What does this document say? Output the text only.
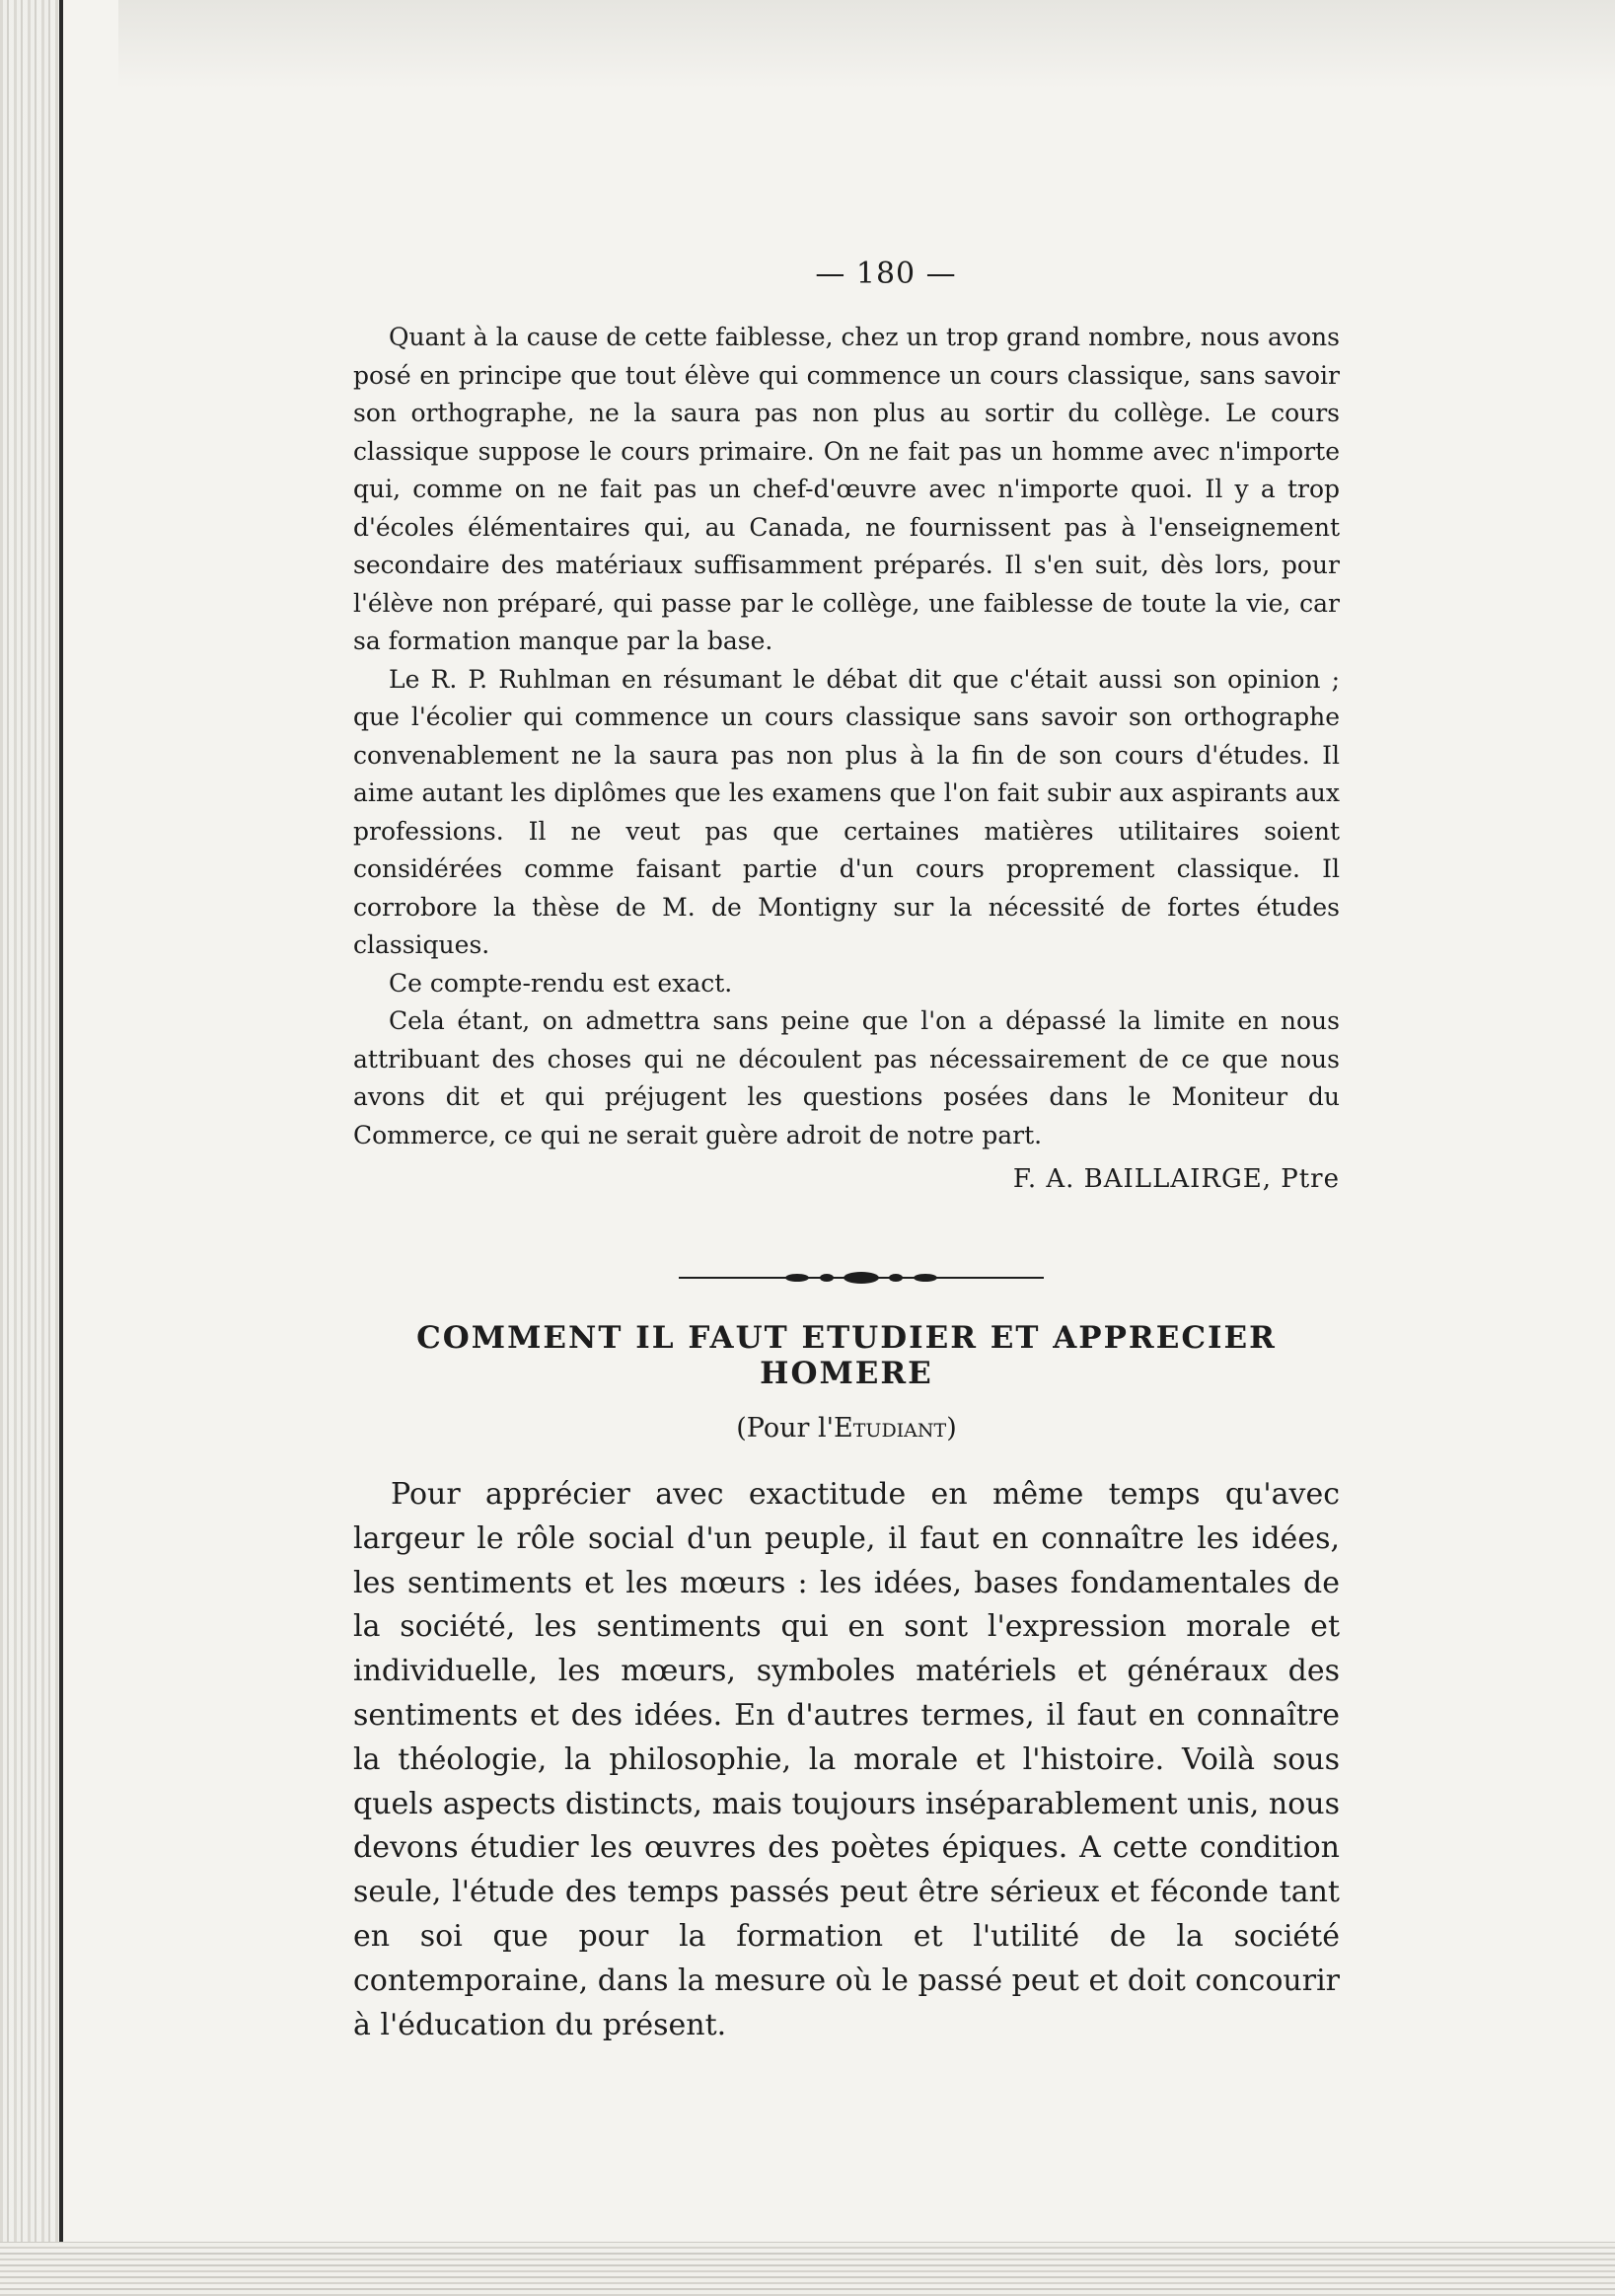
— 180 —

Quant à la cause de cette faiblesse, chez un trop grand nombre, nous avons posé en principe que tout élève qui commence un cours classique, sans savoir son orthographe, ne la saura pas non plus au sortir du collège. Le cours classique suppose le cours primaire. On ne fait pas un homme avec n'importe qui, comme on ne fait pas un chef-d'œuvre avec n'importe quoi. Il y a trop d'écoles élémentaires qui, au Canada, ne fournissent pas à l'enseignement secondaire des matériaux suffisamment préparés. Il s'en suit, dès lors, pour l'élève non préparé, qui passe par le collège, une faiblesse de toute la vie, car sa formation manque par la base.

Le R. P. Ruhlman en résumant le débat dit que c'était aussi son opinion ; que l'écolier qui commence un cours classique sans savoir son orthographe convenablement ne la saura pas non plus à la fin de son cours d'études. Il aime autant les diplômes que les examens que l'on fait subir aux aspirants aux professions. Il ne veut pas que certaines matières utilitaires soient considérées comme faisant partie d'un cours proprement classique. Il corrobore la thèse de M. de Montigny sur la nécessité de fortes études classiques.

Ce compte-rendu est exact.

Cela étant, on admettra sans peine que l'on a dépassé la limite en nous attribuant des choses qui ne découlent pas nécessairement de ce que nous avons dit et qui préjugent les questions posées dans le Moniteur du Commerce, ce qui ne serait guère adroit de notre part.

F. A. BAILLAIRGE, Ptre
COMMENT IL FAUT ETUDIER ET APPRECIER HOMERE
(Pour l'Etudiant)

Pour apprécier avec exactitude en même temps qu'avec largeur le rôle social d'un peuple, il faut en connaître les idées, les sentiments et les mœurs : les idées, bases fondamentales de la société, les sentiments qui en sont l'expression morale et individuelle, les mœurs, symboles matériels et généraux des sentiments et des idées. En d'autres termes, il faut en connaître la théologie, la philosophie, la morale et l'histoire. Voilà sous quels aspects distincts, mais toujours inséparablement unis, nous devons étudier les œuvres des poètes épiques. A cette condition seule, l'étude des temps passés peut être sérieux et féconde tant en soi que pour la formation et l'utilité de la société contemporaine, dans la mesure où le passé peut et doit concourir à l'éducation du présent.
